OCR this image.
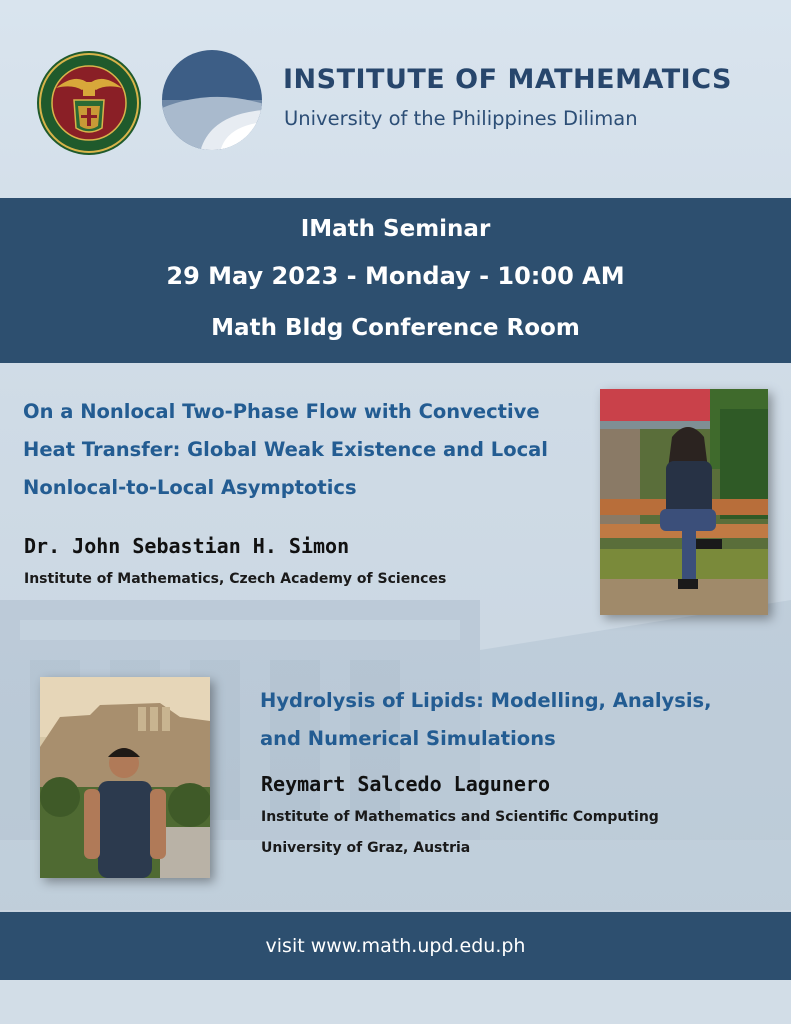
INSTITUTE OF MATHEMATICS
University of the Philippines Diliman
IMath Seminar
29 May 2023 - Monday - 10:00 AM
Math Bldg Conference Room
On a Nonlocal Two-Phase Flow with Convective
Heat Transfer: Global Weak Existence and Local
Nonlocal-to-Local Asymptotics
Dr. John Sebastian H. Simon
Institute of Mathematics, Czech Academy of Sciences
Hydrolysis of Lipids: Modelling, Analysis,
and Numerical Simulations
Reymart Salcedo Lagunero
Institute of Mathematics and Scientific Computing
University of Graz, Austria
visit www.math.upd.edu.ph
